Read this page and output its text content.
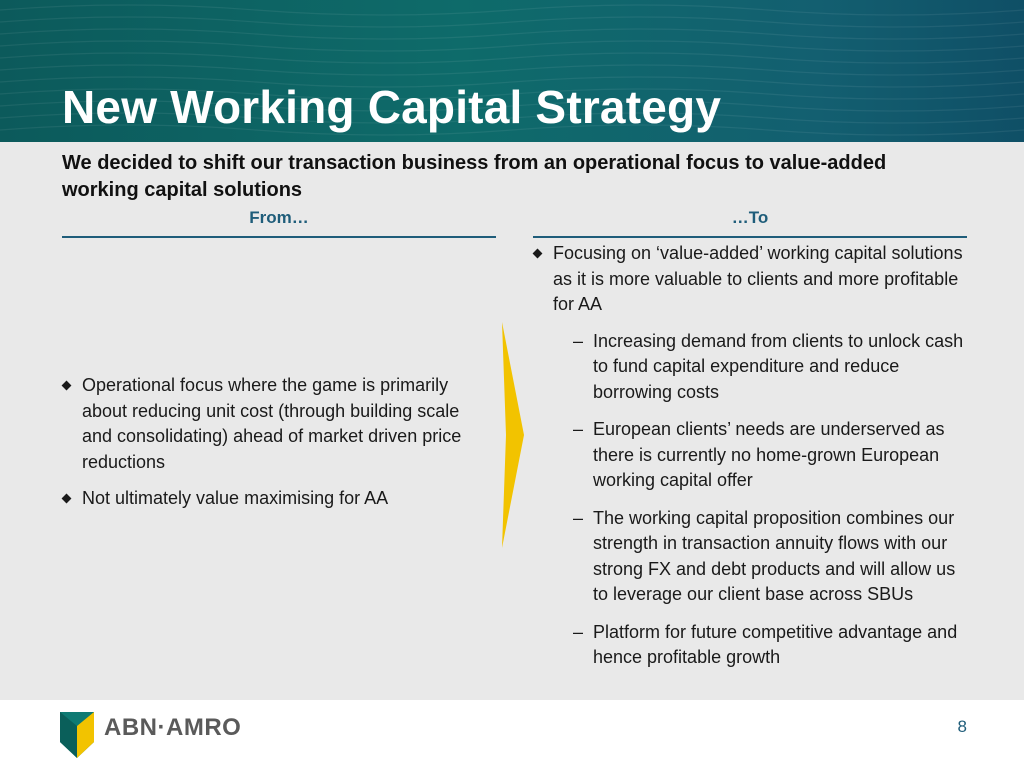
New Working Capital Strategy

We decided to shift our transaction business from an operational focus to value-added working capital solutions

From…	…To
Operational focus where the game is primarily about reducing unit cost (through building scale and consolidating) ahead of market driven price reductions
Not ultimately value maximising for AA
Focusing on ‘value-added’ working capital solutions as it is more valuable to clients and more profitable for AA
– Increasing demand from clients to unlock cash to fund capital expenditure and reduce borrowing costs
– European clients’ needs are underserved as there is currently no home-grown European working capital offer
– The working capital proposition combines our strength in transaction annuity flows with our strong FX and debt products and will allow us to leverage our client base across SBUs
– Platform for future competitive advantage and hence profitable growth
ABN·AMRO	8
